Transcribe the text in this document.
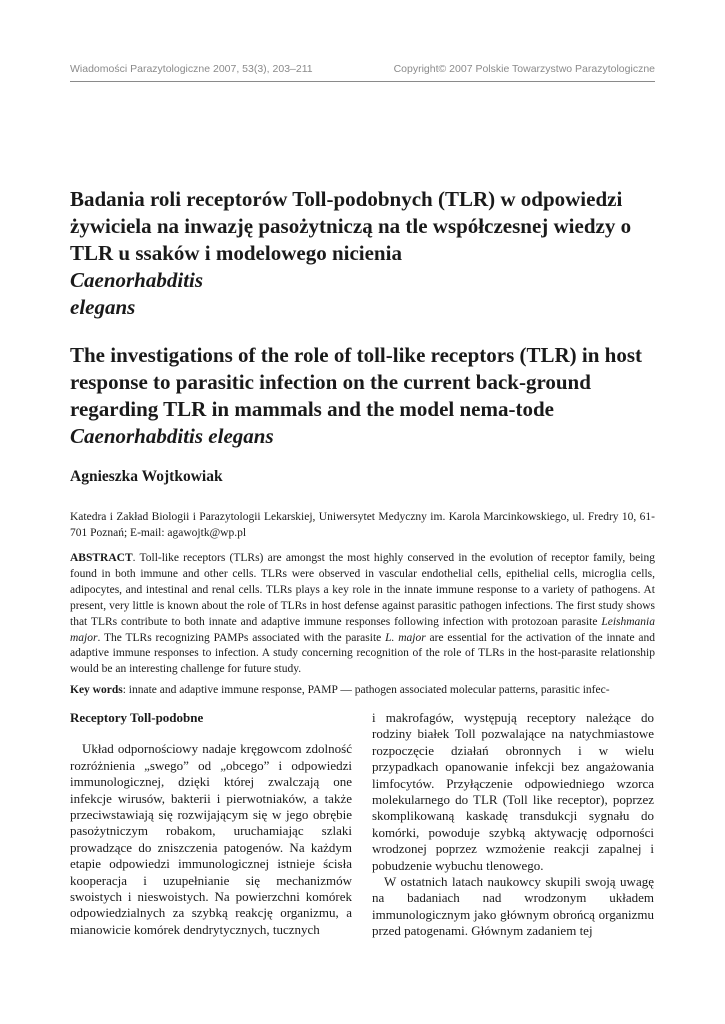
Wiadomości Parazytologiczne 2007, 53(3), 203–211	Copyright© 2007 Polskie Towarzystwo Parazytologiczne
Badania roli receptorów Toll-podobnych (TLR) w odpowiedzi żywiciela na inwazję pasożytniczą na tle współczesnej wiedzy o TLR u ssaków i modelowego nicienia
Caenorhabditis
elegans
The investigations of the role of toll-like receptors (TLR) in host response to parasitic infection on the current back-ground regarding TLR in mammals and the model nema-tode Caenorhabditis elegans
Agnieszka Wojtkowiak
Katedra i Zakład Biologii i Parazytologii Lekarskiej, Uniwersytet Medyczny im. Karola Marcinkowskiego, ul. Fredry 10, 61-701 Poznań; E-mail: agawojtk@wp.pl
ABSTRACT. Toll-like receptors (TLRs) are amongst the most highly conserved in the evolution of receptor family, being found in both immune and other cells. TLRs were observed in vascular endothelial cells, epithelial cells, microglia cells, adipocytes, and intestinal and renal cells. TLRs plays a key role in the innate immune response to a variety of pathogens. At present, very little is known about the role of TLRs in host defense against parasitic pathogen infections. The first study shows that TLRs contribute to both innate and adaptive immune responses following infection with protozoan parasite Leishmania major. The TLRs recognizing PAMPs associated with the parasite L. major are essential for the activation of the innate and adaptive immune responses to infection. A study concerning recognition of the role of TLRs in the host-parasite relationship would be an interesting challenge for future study.
Key words: innate and adaptive immune response, PAMP — pathogen associated molecular patterns, parasitic infec-

Receptory Toll-podobne

Układ odpornościowy nadaje kręgowcom zdolność rozróżnienia „swego” od „obcego” i odpowiedzi immunologicznej, dzięki której zwalczają one infekcje wirusów, bakterii i pierwotniaków, a także przeciwstawiają się rozwijającym się w jego obrębie pasożytniczym robakom, uruchamiając szlaki prowadzące do zniszczenia patogenów. Na każdym etapie odpowiedzi immunologicznej istnieje ścisła kooperacja i uzupełnianie się mechanizmów swoistych i nieswoistych. Na powierzchni komórek odpowiedzialnych za szybką reakcję organizmu, a mianowicie komórek dendrytycznych, tucznych

i makrofagów, występują receptory należące do rodziny białek Toll pozwalające na natychmiastowe rozpoczęcie działań obronnych i w wielu przypadkach opanowanie infekcji bez angażowania limfocytów. Przyłączenie odpowiedniego wzorca molekularnego do TLR (Toll like receptor), poprzez skomplikowaną kaskadę transdukcji sygnału do komórki, powoduje szybką aktywację odporności wrodzonej poprzez wzmożenie reakcji zapalnej i pobudzenie wybuchu tlenowego.

W ostatnich latach naukowcy skupili swoją uwagę na badaniach nad wrodzonym układem immunologicznym jako głównym obrońcą organizmu przed patogenami. Głównym zadaniem tej
